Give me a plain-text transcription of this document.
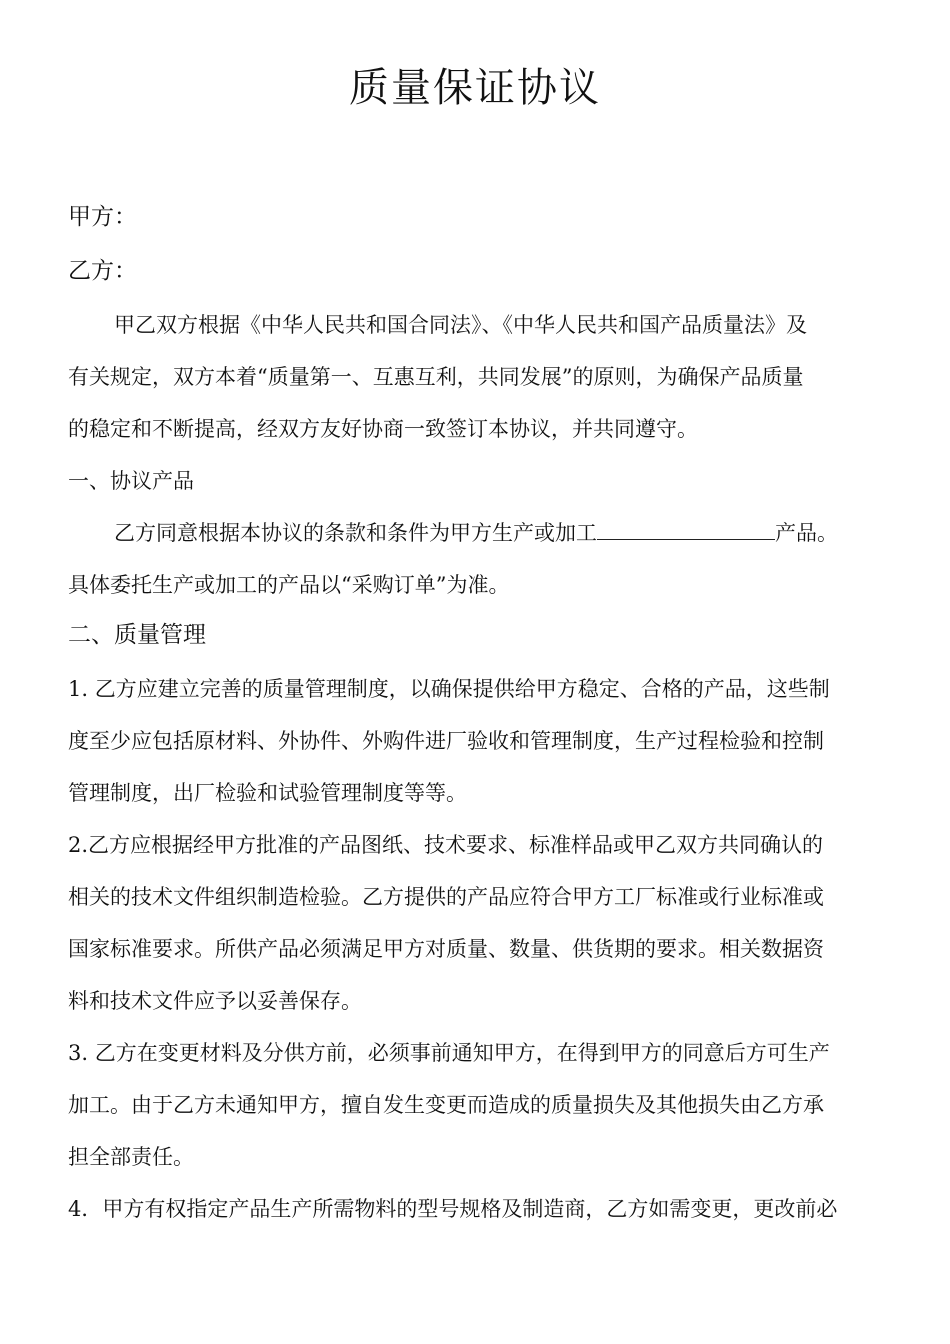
质量保证协议
甲方：
乙方：
甲乙双方根据《中华人民共和国合同法》、《中华人民共和国产品质量法》及
有关规定，双方本着“质量第一、互惠互利，共同发展”的原则，为确保产品质量
的稳定和不断提高，经双方友好协商一致签订本协议，并共同遵守。
一、协议产品
乙方同意根据本协议的条款和条件为甲方生产或加工	产品。
具体委托生产或加工的产品以“采购订单”为准。
二、质量管理
1. 乙方应建立完善的质量管理制度，以确保提供给甲方稳定、合格的产品，这些制
度至少应包括原材料、外协件、外购件进厂验收和管理制度，生产过程检验和控制
管理制度，出厂检验和试验管理制度等等。
2.乙方应根据经甲方批准的产品图纸、技术要求、标准样品或甲乙双方共同确认的
相关的技术文件组织制造检验。乙方提供的产品应符合甲方工厂标准或行业标准或
国家标准要求。所供产品必须满足甲方对质量、数量、供货期的要求。相关数据资
料和技术文件应予以妥善保存。
3. 乙方在变更材料及分供方前，必须事前通知甲方，在得到甲方的同意后方可生产
加工。由于乙方未通知甲方，擅自发生变更而造成的质量损失及其他损失由乙方承
担全部责任。
4．甲方有权指定产品生产所需物料的型号规格及制造商，乙方如需变更，更改前必
